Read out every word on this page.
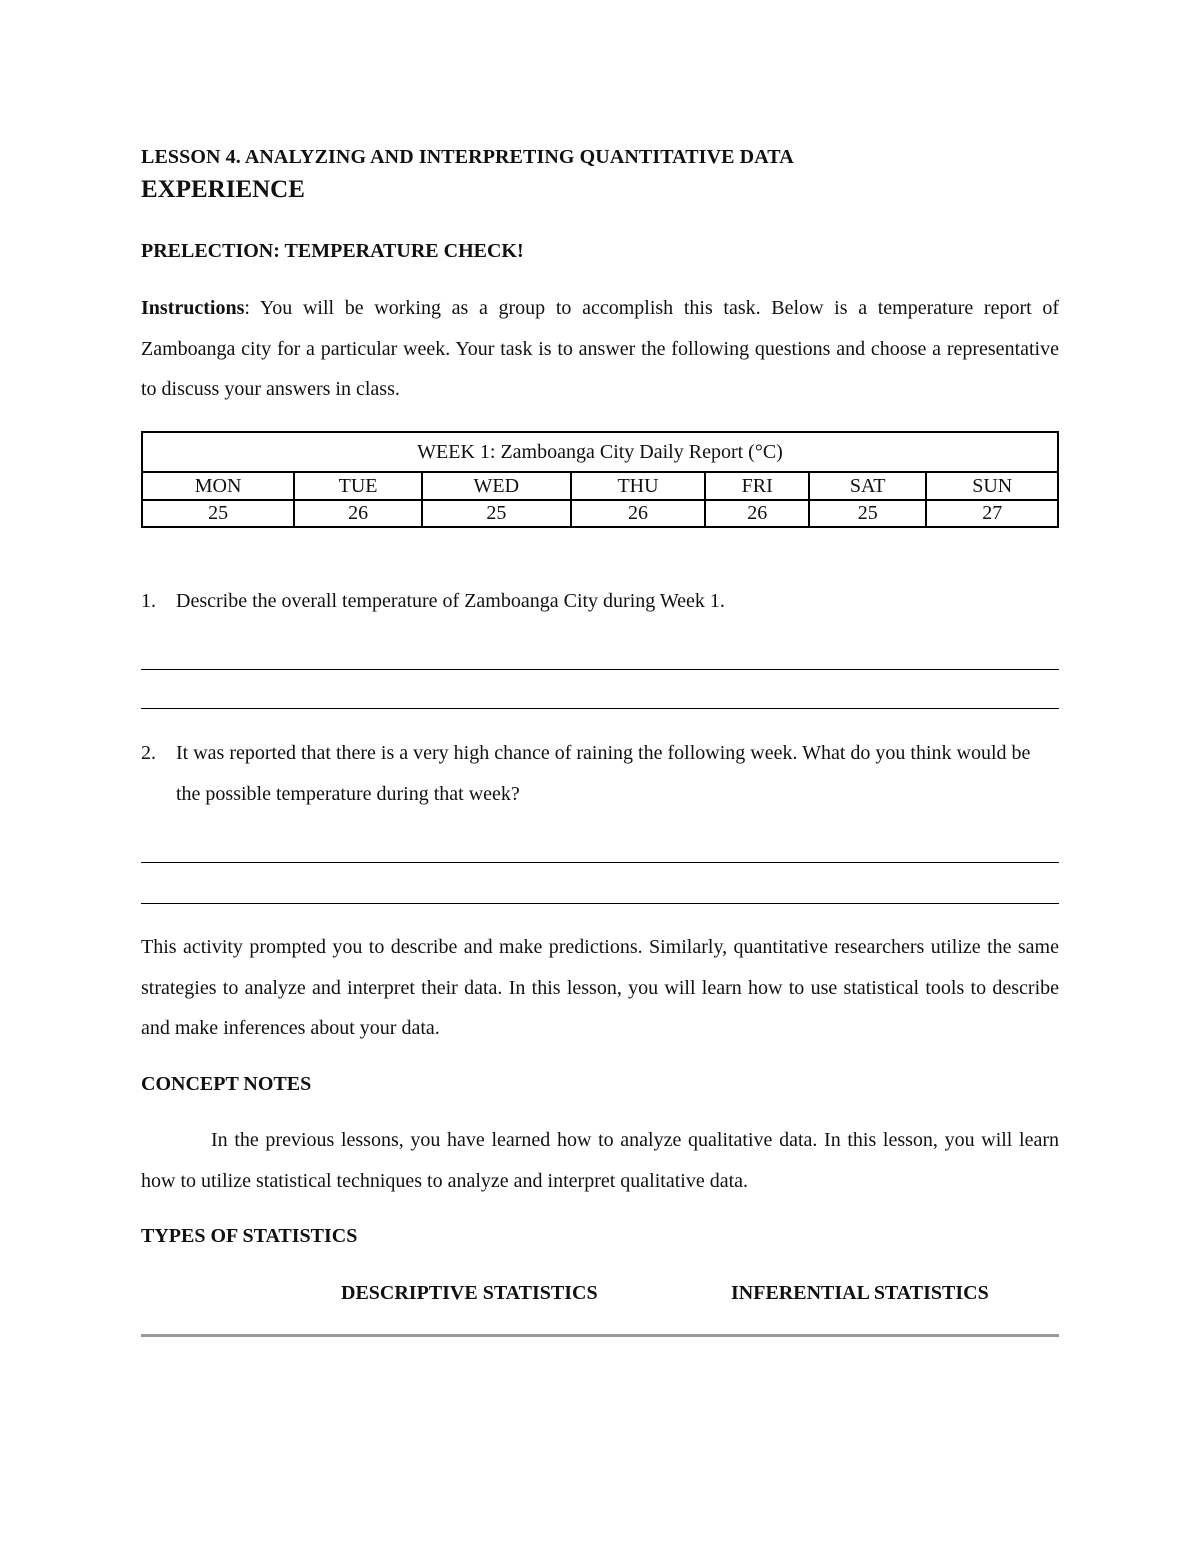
LESSON 4. ANALYZING AND INTERPRETING QUANTITATIVE DATA
EXPERIENCE
PRELECTION: TEMPERATURE CHECK!
Instructions: You will be working as a group to accomplish this task. Below is a temperature report of Zamboanga city for a particular week. Your task is to answer the following questions and choose a representative to discuss your answers in class.
WEEK 1: Zamboanga City Daily Report (°C)						
MON	TUE	WED	THU	FRI	SAT	SUN
25	26	25	26	26	25	27
1. Describe the overall temperature of Zamboanga City during Week 1.
2. It was reported that there is a very high chance of raining the following week. What do you think would be the possible temperature during that week?
This activity prompted you to describe and make predictions. Similarly, quantitative researchers utilize the same strategies to analyze and interpret their data. In this lesson, you will learn how to use statistical tools to describe and make inferences about your data.
CONCEPT NOTES
In the previous lessons, you have learned how to analyze qualitative data. In this lesson, you will learn how to utilize statistical techniques to analyze and interpret qualitative data.
TYPES OF STATISTICS
DESCRIPTIVE STATISTICS	INFERENTIAL STATISTICS
